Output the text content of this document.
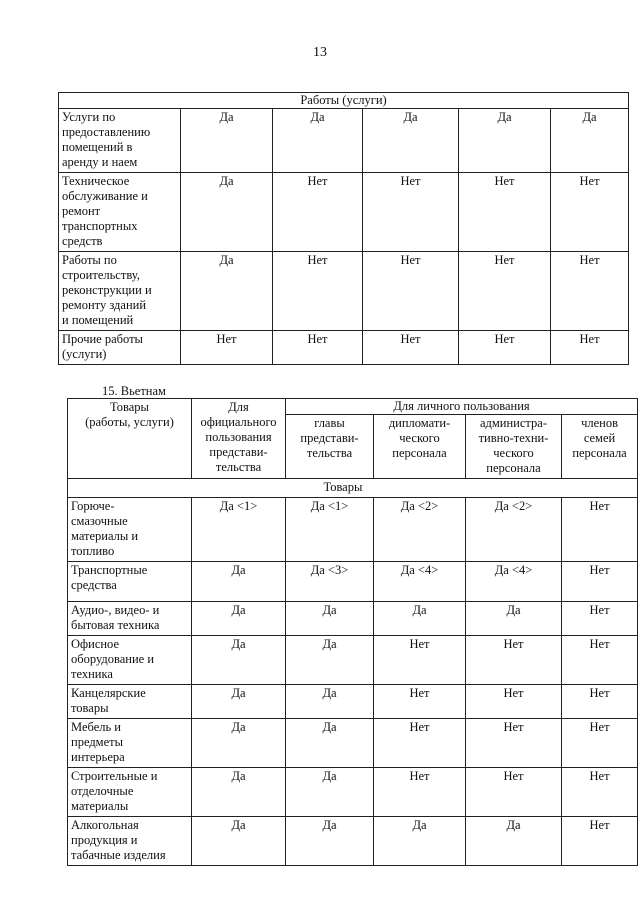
13
Работы (услуги)					
Услуги по
предоставлению
помещений в
аренду и наем	Да	Да	Да	Да	Да
Техническое
обслуживание и
ремонт
транспортных
средств	Да	Нет	Нет	Нет	Нет
Работы по
строительству,
реконструкции и
ремонту зданий
и помещений	Да	Нет	Нет	Нет	Нет
Прочие работы
(услуги)	Нет	Нет	Нет	Нет	Нет
15. Вьетнам
Товары
(работы, услуги)	Для
официального
пользования
представи-
тельства	Для личного пользования			
		главы
представи-
тельства	дипломати-
ческого
персонала	администра-
тивно-техни-
ческого
персонала	членов
семей
персонала
		Товары			
Горюче-
смазочные
материалы и
топливо	Да <1>	Да <1>	Да <2>	Да <2>	Нет
Транспортные
средства	Да	Да <3>	Да <4>	Да <4>	Нет
Аудио-, видео- и
бытовая техника	Да	Да	Да	Да	Нет
Офисное
оборудование и
техника	Да	Да	Нет	Нет	Нет
Канцелярские
товары	Да	Да	Нет	Нет	Нет
Мебель и
предметы
интерьера	Да	Да	Нет	Нет	Нет
Строительные и
отделочные
материалы	Да	Да	Нет	Нет	Нет
Алкогольная
продукция и
табачные изделия	Да	Да	Да	Да	Нет
